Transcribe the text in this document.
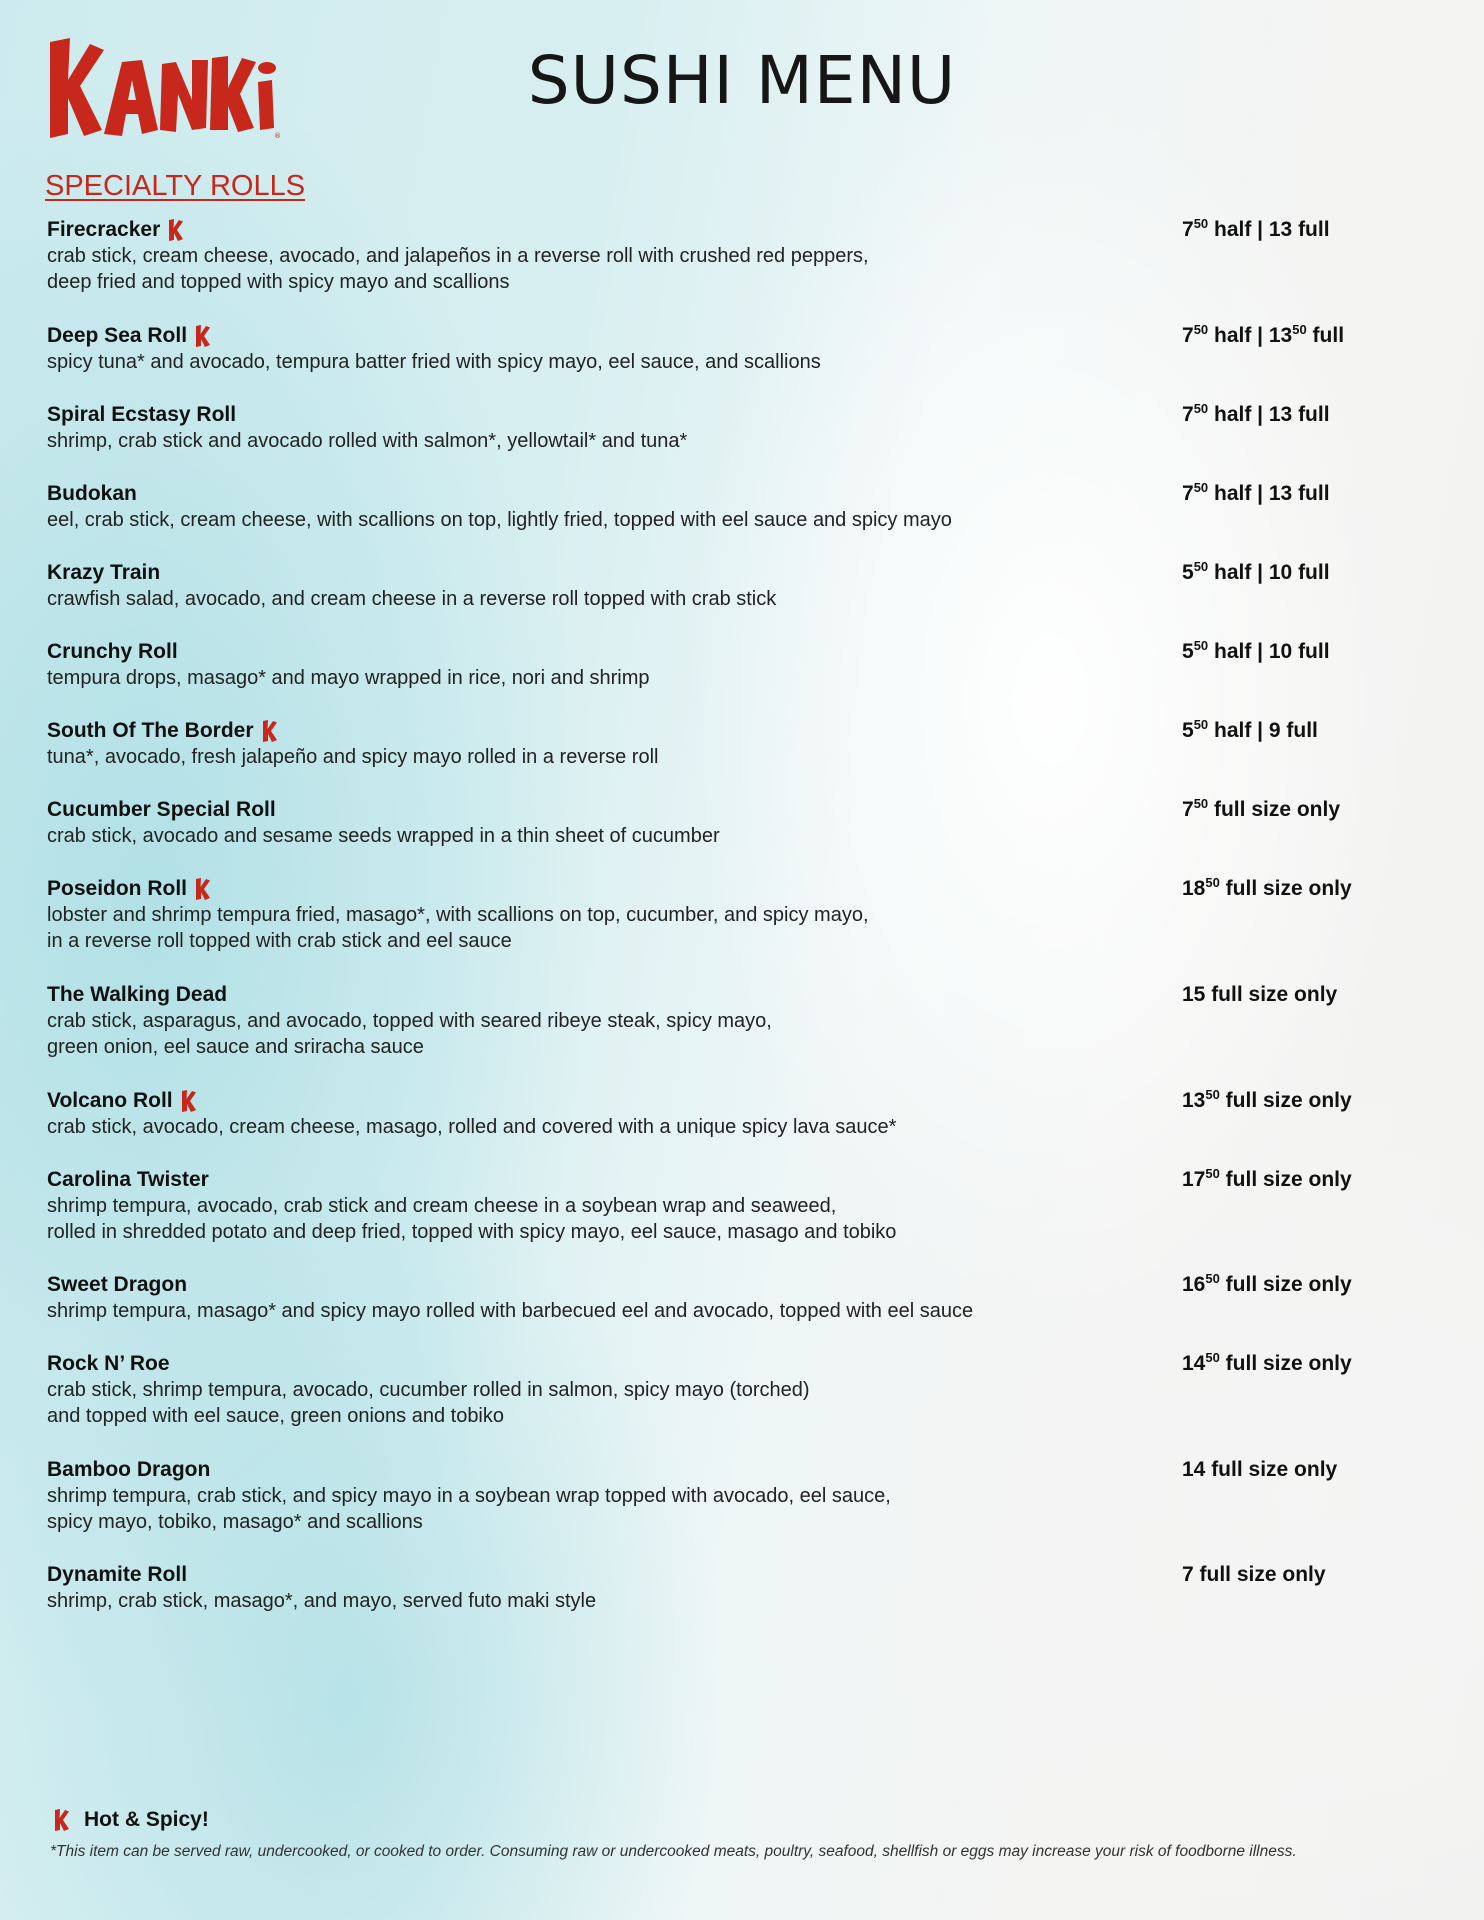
®
SUSHI MENU
SPECIALTY ROLLS
Firecracker
crab stick, cream cheese, avocado, and jalapeños in a reverse roll with crushed red peppers,
deep fried and topped with spicy mayo and scallions
$7^{50}$ half | 13 full
Deep Sea Roll
spicy tuna* and avocado, tempura batter fried with spicy mayo, eel sauce, and scallions
$7^{50}$ half | $13^{50}$ full
Spiral Ecstasy Roll
shrimp, crab stick and avocado rolled with salmon*, yellowtail* and tuna*
$7^{50}$ half | 13 full
Budokan
eel, crab stick, cream cheese, with scallions on top, lightly fried, topped with eel sauce and spicy mayo
$7^{50}$ half | 13 full
Krazy Train
crawfish salad, avocado, and cream cheese in a reverse roll topped with crab stick
$5^{50}$ half | 10 full
Crunchy Roll
tempura drops, masago* and mayo wrapped in rice, nori and shrimp
$5^{50}$ half | 10 full
South Of The Border
tuna*, avocado, fresh jalapeño and spicy mayo rolled in a reverse roll
$5^{50}$ half | 9 full
Cucumber Special Roll
crab stick, avocado and sesame seeds wrapped in a thin sheet of cucumber
$7^{50}$ full size only
Poseidon Roll
lobster and shrimp tempura fried, masago*, with scallions on top, cucumber, and spicy mayo,
in a reverse roll topped with crab stick and eel sauce
$18^{50}$ full size only
The Walking Dead
crab stick, asparagus, and avocado, topped with seared ribeye steak, spicy mayo,
green onion, eel sauce and sriracha sauce
15 full size only
Volcano Roll
crab stick, avocado, cream cheese, masago, rolled and covered with a unique spicy lava sauce*
$13^{50}$ full size only
Carolina Twister
shrimp tempura, avocado, crab stick and cream cheese in a soybean wrap and seaweed,
rolled in shredded potato and deep fried, topped with spicy mayo, eel sauce, masago and tobiko
$17^{50}$ full size only
Sweet Dragon
shrimp tempura, masago* and spicy mayo rolled with barbecued eel and avocado, topped with eel sauce
$16^{50}$ full size only
Rock N’ Roe
crab stick, shrimp tempura, avocado, cucumber rolled in salmon, spicy mayo (torched)
and topped with eel sauce, green onions and tobiko
$14^{50}$ full size only
Bamboo Dragon
shrimp tempura, crab stick, and spicy mayo in a soybean wrap topped with avocado, eel sauce,
spicy mayo, tobiko, masago* and scallions
14 full size only
Dynamite Roll
shrimp, crab stick, masago*, and mayo, served futo maki style
7 full size only
Hot & Spicy!
*This item can be served raw, undercooked, or cooked to order. Consuming raw or undercooked meats, poultry, seafood, shellfish or eggs may increase your risk of foodborne illness.
